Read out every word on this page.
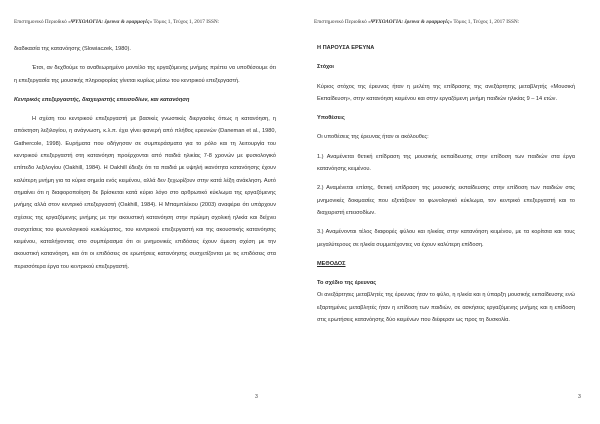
Επιστημονικό Περιοδικό «ΨΥΧΟΛΟΓΙΑ: έρευνα & εφαρμογές» Τόμος 1, Τεύχος 1, 2017 ISSN:

διαδικασία της κατανόησης (Slowiaczek, 1980).

Έτσι, αν δεχθούμε το αναθεωρημένο μοντέλο της εργαζόμενης μνήμης πρέπει να υποθέσουμε ότι η επεξεργασία της μουσικής πληροφορίας γίνεται κυρίως μέσω του κεντρικού επεξεργαστή.

Κεντρικός επεξεργαστής, διαχειριστής επεισοδίων, και κατανόηση

Η σχέση του κεντρικού επεξεργαστή με βασικές γνωστικές διεργασίες όπως η κατανόηση, η απόκτηση λεξιλογίου, η ανάγνωση, κ.λ.π. έχει γίνει φανερή από πλήθος ερευνών (Daneman et al., 1980, Gathercole, 1998). Ευρήματα που οδήγησαν σε συμπεράσματα για το ρόλο και τη λειτουργία του κεντρικού επεξεργαστή στη κατανόηση προέρχονται από παιδιά ηλικίας 7-8 χρονών με φυσιολογικό επίπεδο λεξιλογίου (Oakhill, 1984). Η Oakhill έδειξε ότι τα παιδιά με υψηλή ικανότητα κατανόησης έχουν καλύτερη μνήμη για τα κύρια σημεία ενός κειμένου, αλλά δεν ξεχωρίζουν στην κατά λέξη ανάκληση. Αυτό σημαίνει ότι η διαφοροποίηση δε βρίσκεται κατά κύριο λόγο στο αρθρωτικό κύκλωμα της εργαζόμενης μνήμης αλλά στον κεντρικό επεξεργαστή (Oakhill, 1984). Η Μπαμπλέκου (2003) αναφέρει ότι υπάρχουν σχέσεις της εργαζόμενης μνήμης με την ακουστική κατανόηση στην πρώιμη σχολική ηλικία και δείχνει συσχετίσεις του φωνολογικού κυκλώματος, του κεντρικού επεξεργαστή και της ακουστικής κατανόησης κειμένου, καταλήγοντας στο συμπέρασμα ότι οι μνημονικές επιδόσεις έχουν άμεση σχέση με την ακουστική κατανόηση, και ότι οι επιδόσεις σε ερωτήσεις κατανόησης συσχετίζονται με τις επιδόσεις στα περισσότερα έργα του κεντρικού επεξεργαστή.

3
Επιστημονικό Περιοδικό «ΨΥΧΟΛΟΓΙΑ: έρευνα & εφαρμογές» Τόμος 1, Τεύχος 1, 2017 ISSN:

Η ΠΑΡΟΥΣΑ ΕΡΕΥΝΑ

Στόχοι

Κύριος στόχος της έρευνας ήταν η μελέτη της επίδρασης της ανεξάρτητης μεταβλητής «Μουσική Εκπαίδευση», στην κατανόηση κειμένου και στην εργαζόμενη μνήμη παιδιών ηλικίας 9 – 14 ετών.

Υποθέσεις

Οι υποθέσεις της έρευνας ήταν οι ακόλουθες:

1.) Αναμένεται θετική επίδραση της μουσικής εκπαίδευσης στην επίδοση των παιδιών στα έργα κατανόησης κειμένου.

2.) Αναμένεται επίσης, θετική επίδραση της μουσικής εκπαίδευσης στην επίδοση των παιδιών στις μνημονικές δοκιμασίες που εξετάζουν το φωνολογικό κύκλωμα, τον κεντρικό επεξεργαστή και το διαχειριστή επεισοδίων.

3.) Αναμένονται τέλος διαφορές φύλου και ηλικίας στην κατανόηση κειμένου, με τα κορίτσια και τους μεγαλύτερους σε ηλικία συμμετέχοντες να έχουν καλύτερη επίδοση.

ΜΕΘΟΔΟΣ

Το σχέδιο της έρευνας

Οι ανεξάρτητες μεταβλητές της έρευνας ήταν το φύλο, η ηλικία και η ύπαρξη μουσικής εκπαίδευσης ενώ εξαρτημένες μεταβλητές ήταν η επίδοση των παιδιών, σε ασκήσεις εργαζόμενης μνήμης και η επίδοση στις ερωτήσεις κατανόησης δύο κειμένων που διέφεραν ως προς τη δυσκολία.

3
